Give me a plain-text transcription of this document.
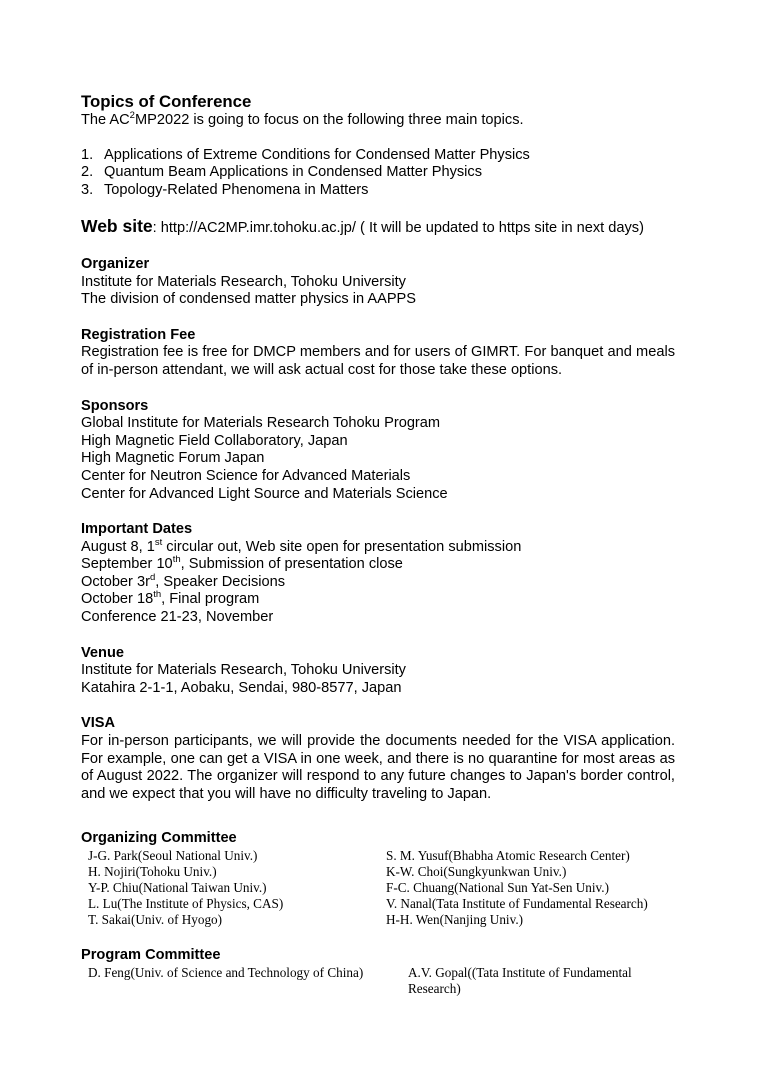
Topics of Conference
The $AC^2MP2022$ is going to focus on the following three main topics.
1. Applications of Extreme Conditions for Condensed Matter Physics
2. Quantum Beam Applications in Condensed Matter Physics
3. Topology-Related Phenomena in Matters
Web site: http://AC2MP.imr.tohoku.ac.jp/ ( It will be updated to https site in next days)
Organizer
Institute for Materials Research, Tohoku University
The division of condensed matter physics in AAPPS
Registration Fee
Registration fee is free for DMCP members and for users of GIMRT. For banquet and meals of in-person attendant, we will ask actual cost for those take these options.
Sponsors
Global Institute for Materials Research Tohoku Program
High Magnetic Field Collaboratory, Japan
High Magnetic Forum Japan
Center for Neutron Science for Advanced Materials
Center for Advanced Light Source and Materials Science
Important Dates
August 8, 1st circular out, Web site open for presentation submission
September 10th, Submission of presentation close
October $3r^d$, Speaker Decisions
October 18th, Final program
Conference 21-23, November
Venue
Institute for Materials Research, Tohoku University
Katahira 2-1-1, Aobaku, Sendai, 980-8577, Japan
VISA
For in-person participants, we will provide the documents needed for the VISA application. For example, one can get a VISA in one week, and there is no quarantine for most areas as of August 2022. The organizer will respond to any future changes to Japan's border control, and we expect that you will have no difficulty traveling to Japan.
Organizing Committee
J-G. Park(Seoul National Univ.)	S. M. Yusuf(Bhabha Atomic Research Center)
H. Nojiri(Tohoku Univ.)	K-W. Choi(Sungkyunkwan Univ.)
Y-P. Chiu(National Taiwan Univ.)	F-C. Chuang(National Sun Yat-Sen Univ.)
L. Lu(The Institute of Physics, CAS)	V. Nanal(Tata Institute of Fundamental Research)
T. Sakai(Univ. of Hyogo)	H-H. Wen(Nanjing Univ.)
Program Committee
D. Feng(Univ. of Science and Technology of China)	A.V. Gopal((Tata Institute of Fundamental Research)
